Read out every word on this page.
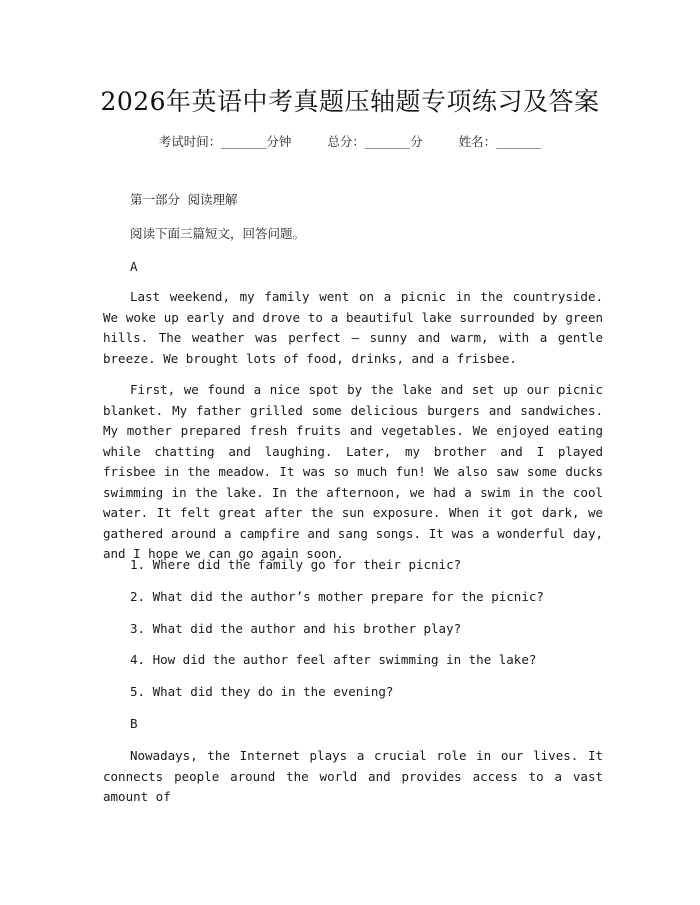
2026年英语中考真题压轴题专项练习及答案
考试时间：______分钟	总分：______分	姓名：______
第一部分 阅读理解
阅读下面三篇短文，回答问题。
A
Last weekend, my family went on a picnic in the countryside. We woke up early and drove to a beautiful lake surrounded by green hills. The weather was perfect – sunny and warm, with a gentle breeze. We brought lots of food, drinks, and a frisbee.
First, we found a nice spot by the lake and set up our picnic blanket. My father grilled some delicious burgers and sandwiches. My mother prepared fresh fruits and vegetables. We enjoyed eating while chatting and laughing. Later, my brother and I played frisbee in the meadow. It was so much fun! We also saw some ducks swimming in the lake. In the afternoon, we had a swim in the cool water. It felt great after the sun exposure. When it got dark, we gathered around a campfire and sang songs. It was a wonderful day, and I hope we can go again soon.
1. Where did the family go for their picnic?
2. What did the author’s mother prepare for the picnic?
3. What did the author and his brother play?
4. How did the author feel after swimming in the lake?
5. What did they do in the evening?
B
Nowadays, the Internet plays a crucial role in our lives. It connects people around the world and provides access to a vast amount of
